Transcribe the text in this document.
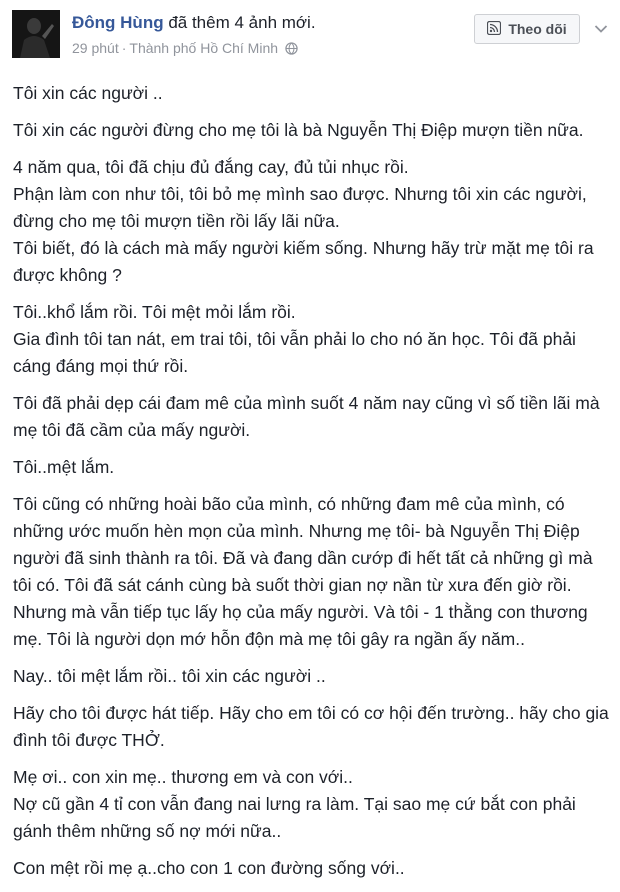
Đông Hùng đã thêm 4 ảnh mới.
29 phút · Thành phố Hồ Chí Minh
Theo dõi

Tôi xin các người ..

Tôi xin các người đừng cho mẹ tôi là bà Nguyễn Thị Điệp mượn tiền nữa.

4 năm qua, tôi đã chịu đủ đắng cay, đủ tủi nhục rồi.
Phận làm con như tôi, tôi bỏ mẹ mình sao được. Nhưng tôi xin các người, đừng cho mẹ tôi mượn tiền rồi lấy lãi nữa.
Tôi biết, đó là cách mà mấy người kiếm sống. Nhưng hãy trừ mặt mẹ tôi ra được không ?

Tôi..khổ lắm rồi. Tôi mệt mỏi lắm rồi.
Gia đình tôi tan nát, em trai tôi, tôi vẫn phải lo cho nó ăn học. Tôi đã phải cáng đáng mọi thứ rồi.

Tôi đã phải dẹp cái đam mê của mình suốt 4 năm nay cũng vì số tiền lãi mà mẹ tôi đã cầm của mấy người.

Tôi..mệt lắm.

Tôi cũng có những hoài bão của mình, có những đam mê của mình, có những ước muốn hèn mọn của mình. Nhưng mẹ tôi- bà Nguyễn Thị Điệp người đã sinh thành ra tôi. Đã và đang dần cướp đi hết tất cả những gì mà tôi có. Tôi đã sát cánh cùng bà suốt thời gian nợ nần từ xưa đến giờ rồi. Nhưng mà vẫn tiếp tục lấy họ của mấy người. Và tôi - 1 thằng con thương mẹ. Tôi là người dọn mớ hỗn độn mà mẹ tôi gây ra ngần ấy năm..

Nay.. tôi mệt lắm rồi.. tôi xin các người ..

Hãy cho tôi được hát tiếp. Hãy cho em tôi có cơ hội đến trường.. hãy cho gia đình tôi được THỞ.

Mẹ ơi.. con xin mẹ.. thương em và con với..
Nợ cũ gần 4 tỉ con vẫn đang nai lưng ra làm. Tại sao mẹ cứ bắt con phải gánh thêm những số nợ mới nữa..

Con mệt rồi mẹ ạ..cho con 1 con đường sống với..
